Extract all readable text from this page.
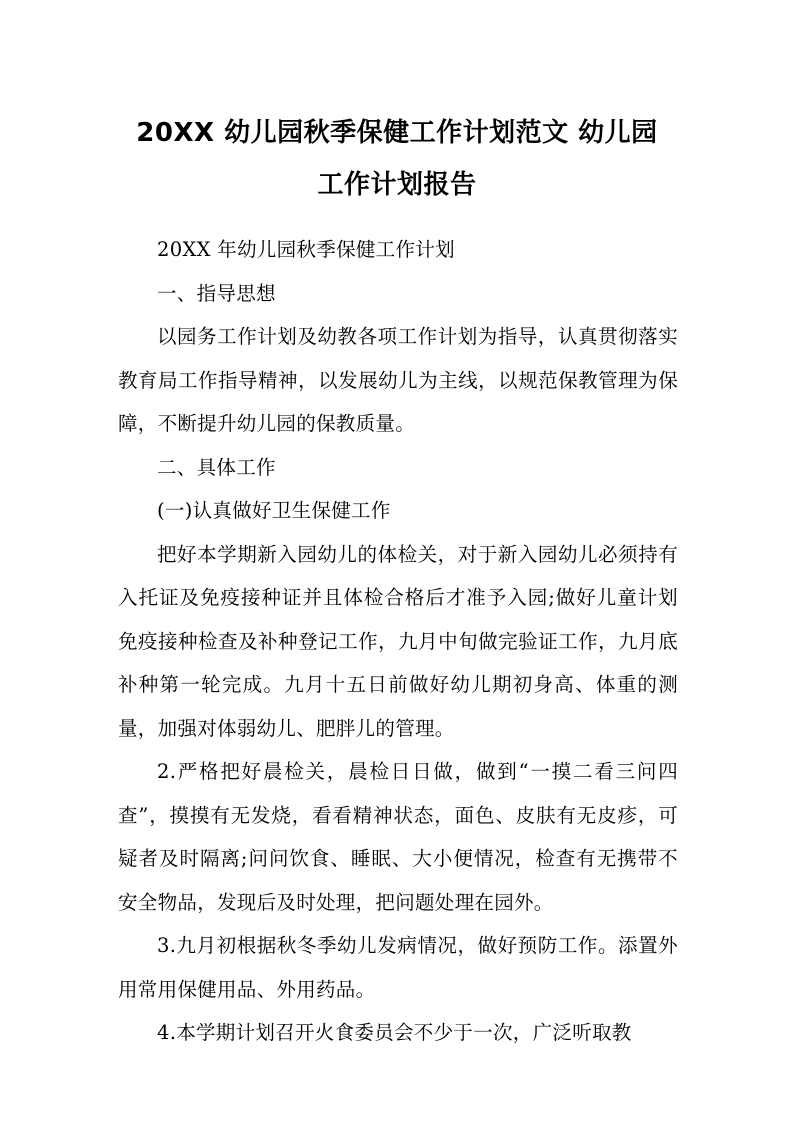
20XX 幼儿园秋季保健工作计划范文 幼儿园
工作计划报告

20XX 年幼儿园秋季保健工作计划

一、指导思想

以园务工作计划及幼教各项工作计划为指导，认真贯彻落实教育局工作指导精神，以发展幼儿为主线，以规范保教管理为保障，不断提升幼儿园的保教质量。

二、具体工作

(一)认真做好卫生保健工作

把好本学期新入园幼儿的体检关，对于新入园幼儿必须持有入托证及免疫接种证并且体检合格后才准予入园;做好儿童计划免疫接种检查及补种登记工作，九月中旬做完验证工作，九月底补种第一轮完成。九月十五日前做好幼儿期初身高、体重的测量，加强对体弱幼儿、肥胖儿的管理。

2.严格把好晨检关，晨检日日做，做到“一摸二看三问四查”，摸摸有无发烧，看看精神状态，面色、皮肤有无皮疹，可疑者及时隔离;问问饮食、睡眠、大小便情况，检查有无携带不安全物品，发现后及时处理，把问题处理在园外。

3.九月初根据秋冬季幼儿发病情况，做好预防工作。添置外用常用保健用品、外用药品。

4.本学期计划召开火食委员会不少于一次，广泛听取教
